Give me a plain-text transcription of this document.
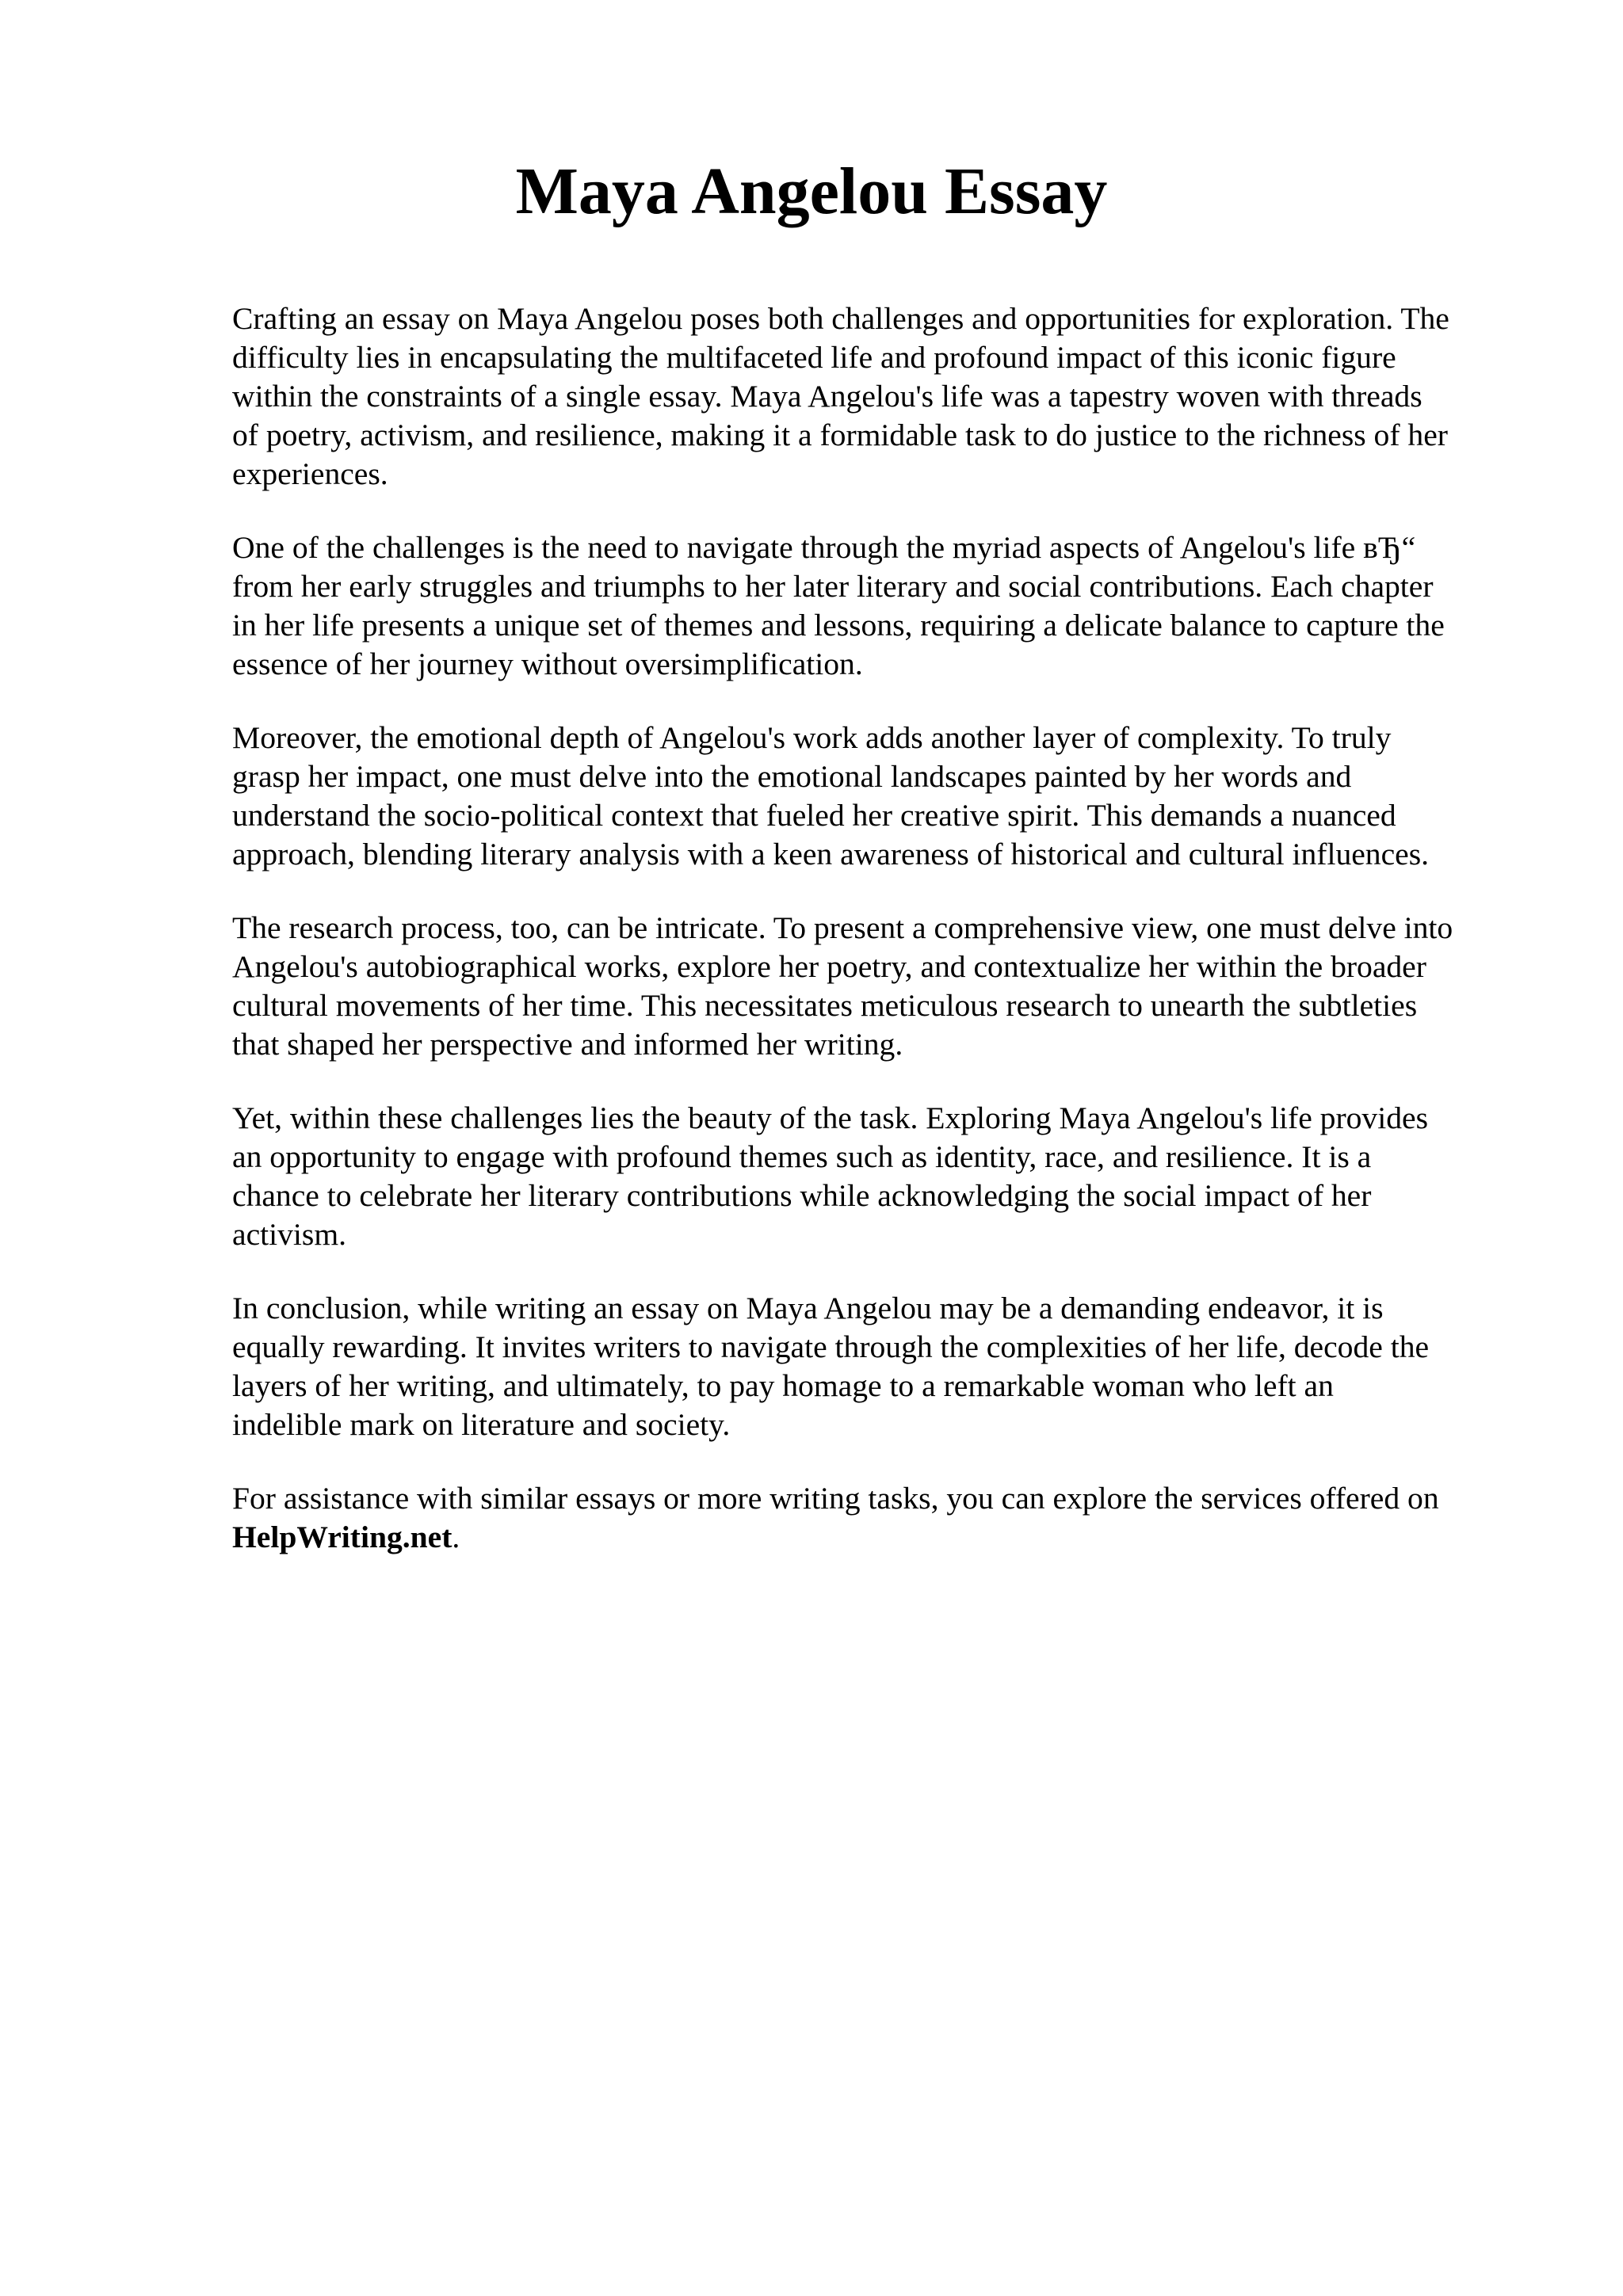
Maya Angelou Essay

Crafting an essay on Maya Angelou poses both challenges and opportunities for exploration. The
difficulty lies in encapsulating the multifaceted life and profound impact of this iconic figure
within the constraints of a single essay. Maya Angelou's life was a tapestry woven with threads
of poetry, activism, and resilience, making it a formidable task to do justice to the richness of her
experiences.

One of the challenges is the need to navigate through the myriad aspects of Angelou's life вЂ“
from her early struggles and triumphs to her later literary and social contributions. Each chapter
in her life presents a unique set of themes and lessons, requiring a delicate balance to capture the
essence of her journey without oversimplification.

Moreover, the emotional depth of Angelou's work adds another layer of complexity. To truly
grasp her impact, one must delve into the emotional landscapes painted by her words and
understand the socio-political context that fueled her creative spirit. This demands a nuanced
approach, blending literary analysis with a keen awareness of historical and cultural influences.

The research process, too, can be intricate. To present a comprehensive view, one must delve into
Angelou's autobiographical works, explore her poetry, and contextualize her within the broader
cultural movements of her time. This necessitates meticulous research to unearth the subtleties
that shaped her perspective and informed her writing.

Yet, within these challenges lies the beauty of the task. Exploring Maya Angelou's life provides
an opportunity to engage with profound themes such as identity, race, and resilience. It is a
chance to celebrate her literary contributions while acknowledging the social impact of her
activism.

In conclusion, while writing an essay on Maya Angelou may be a demanding endeavor, it is
equally rewarding. It invites writers to navigate through the complexities of her life, decode the
layers of her writing, and ultimately, to pay homage to a remarkable woman who left an
indelible mark on literature and society.

For assistance with similar essays or more writing tasks, you can explore the services offered on
HelpWriting.net.
